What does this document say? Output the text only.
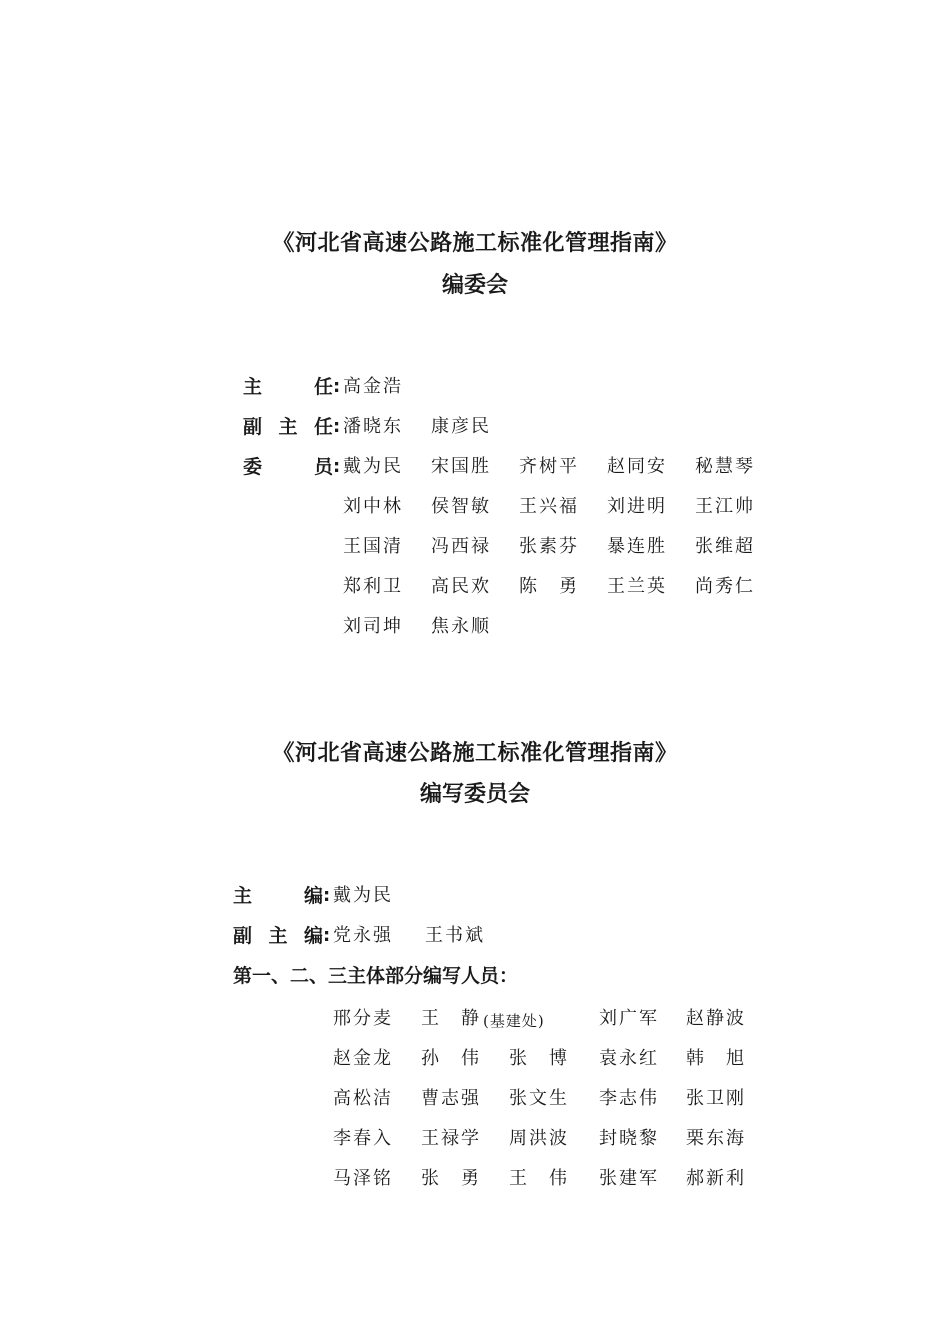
《河北省高速公路施工标准化管理指南》
编委会
主	任 : 高金浩
副 主 任 : 潘晓东 康彦民
委	员 : 戴为民 宋国胜 齐树平 赵同安 秘慧琴
刘中林 侯智敏 王兴福 刘进明 王江帅
王国清 冯西禄 张素芬 暴连胜 张维超
郑利卫 高民欢 陈　勇 王兰英 尚秀仁
刘司坤 焦永顺
《河北省高速公路施工标准化管理指南》
编写委员会
主	编 : 戴为民
副 主 编 : 党永强 王书斌
第一、二、三主体部分编写人员：
邢分麦 王　静 (基建处)	刘广军 赵静波
赵金龙 孙　伟 张　博 袁永红 韩　旭
高松洁 曹志强 张文生 李志伟 张卫刚
李春入 王禄学 周洪波 封晓黎 栗东海
马泽铭 张　勇 王　伟 张建军 郝新利
